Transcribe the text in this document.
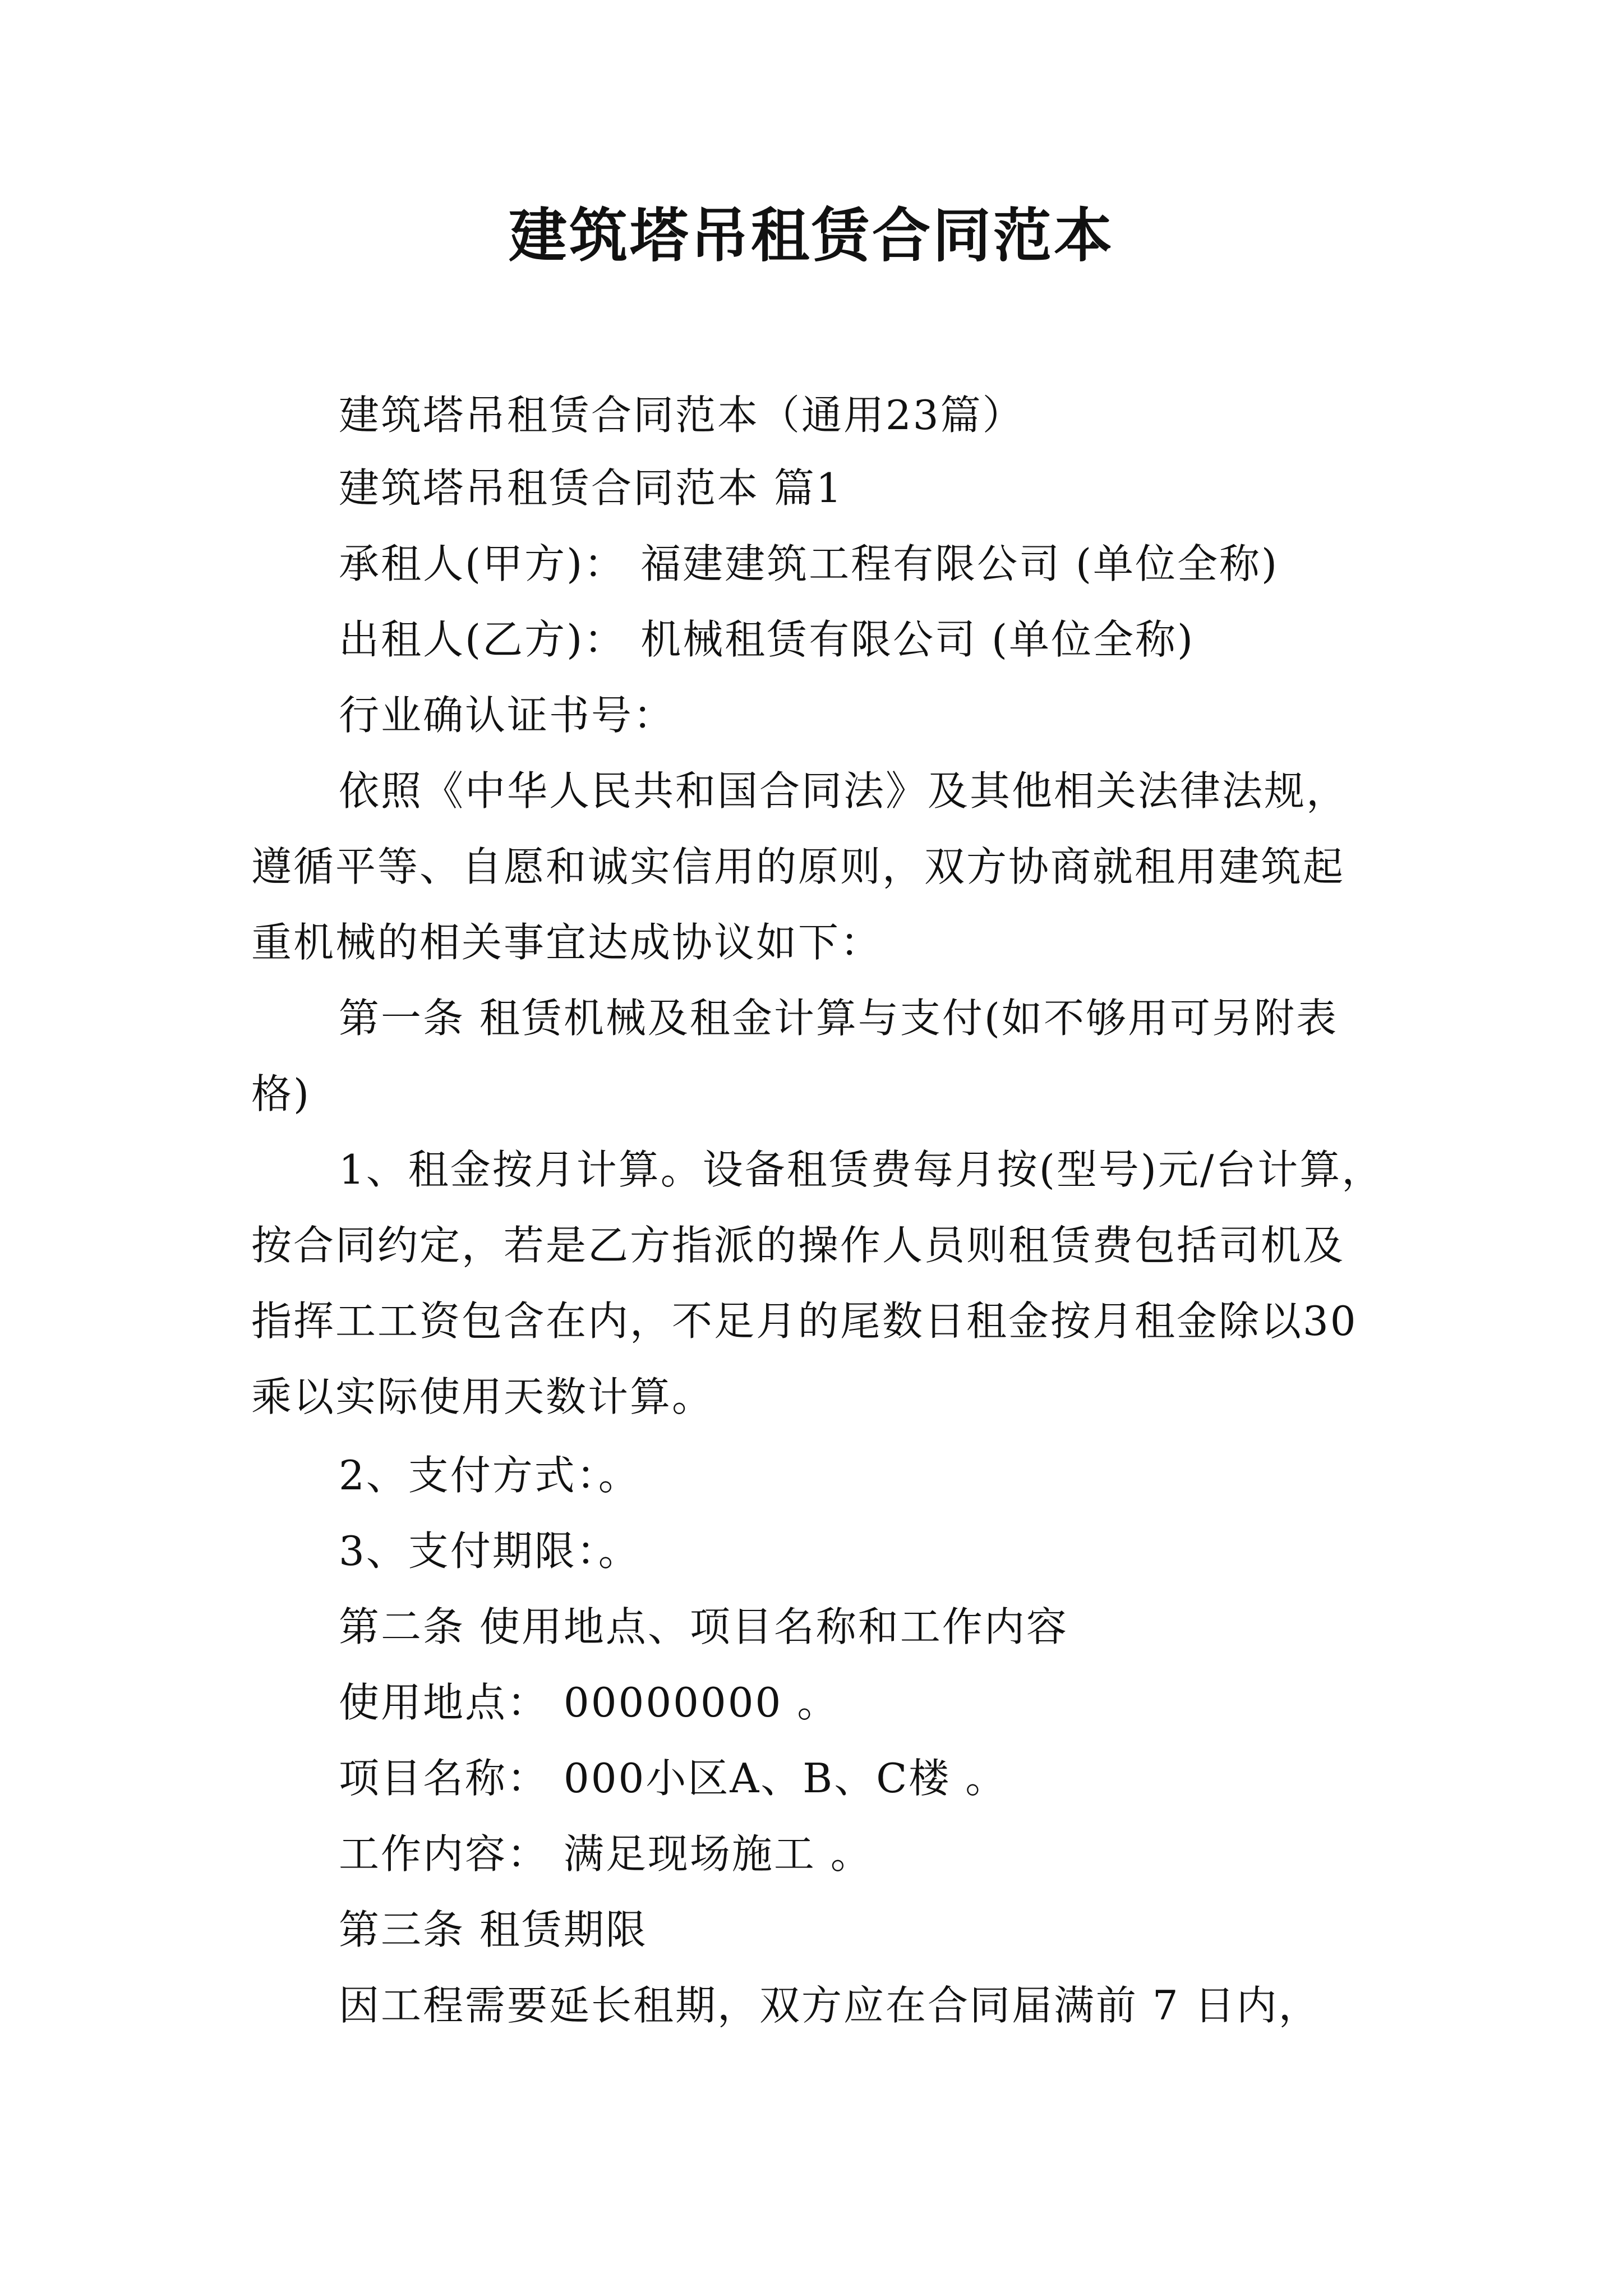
建筑塔吊租赁合同范本

建筑塔吊租赁合同范本（通用23篇）

建筑塔吊租赁合同范本 篇1

承租人(甲方)： 福建建筑工程有限公司 (单位全称)

出租人(乙方)： 机械租赁有限公司 (单位全称)

行业确认证书号：

依照《中华人民共和国合同法》及其他相关法律法规，

遵循平等、自愿和诚实信用的原则，双方协商就租用建筑起

重机械的相关事宜达成协议如下：

第一条 租赁机械及租金计算与支付(如不够用可另附表

格)

1、租金按月计算。设备租赁费每月按(型号)元/台计算，

按合同约定，若是乙方指派的操作人员则租赁费包括司机及

指挥工工资包含在内，不足月的尾数日租金按月租金除以30

乘以实际使用天数计算。

2、支付方式：。

3、支付期限：。

第二条 使用地点、项目名称和工作内容

使用地点： 00000000 。

项目名称： 000小区A、B、C楼 。

工作内容： 满足现场施工 。

第三条 租赁期限

因工程需要延长租期，双方应在合同届满前 7 日内，
